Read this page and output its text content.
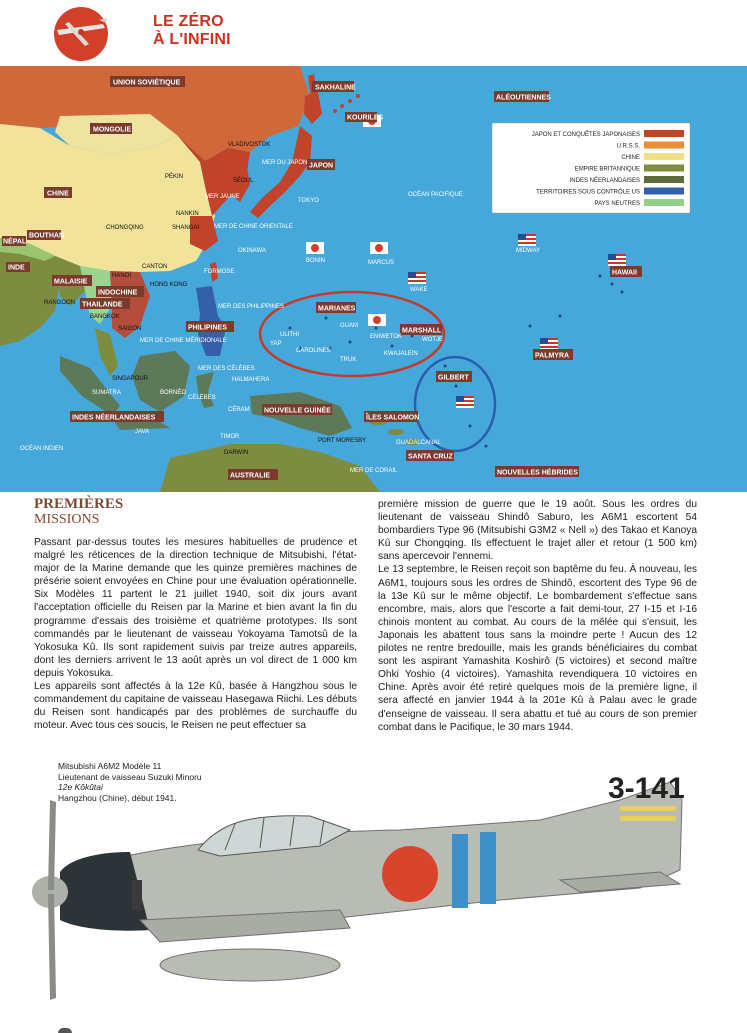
LE ZÉRO
À L'INFINI
UNION SOVIÉTIQUE
SAKHALINE
KOURILES
ALÉOUTIENNES
MONGOLIE
CHINE
JAPON
NÉPAL
BOUTHAN
INDE
MALAISIE
INDOCHINE
THAILANDE
PHILIPINES
MARIANES
MARSHALL
GILBERT
HAWAII
INDES NÉERLANDAISES
NOUVELLE GUINÉE
ÎLES SALOMON
AUSTRALIE
SANTA CRUZ
NOUVELLES HÉBRIDES
PALMYRA
VLADIVOSTOK
PÉKIN
SÉOUL
TOKYO
NANKIN
SHANGAI
CHONGQING
OKINAWA
HANOÏ
CANTON
HONG KONG
FORMOSE
RANGOON
BANGKOK
SAIGON
SINGAPOUR
SUMATRA	BORNÉO
CÉLÈBES
JAVA
HALMAHERA
CÉRAM
TIMOR
DARWIN
PORT MORESBY	GUADALCANAL
BONIN	MARCUS
WAKE
MIDWAY
GUAM
ULITHI
YAP
CAROLINES
TRUK
ENIWETOK	WOTJE
KWAJALEIN
MER DU JAPON
MER JAUNE
MER DE CHINE ORIENTALE
OCÉAN PACIFIQUE
MER DES PHILIPPINES
MER DE CHINE MÉRIDIONALE
MER DES CÉLÈBES
OCÉAN INDIEN
MER DE CORAIL
JAPON ET CONQUÊTES JAPONAISES
U.R.S.S.
CHINE
EMPIRE BRITANNIQUE
INDES NÉERLANDAISES
TERRITOIRES SOUS CONTRÔLE US
PAYS NEUTRES
PREMIÈRES
MISSIONS

Passant par-dessus toutes les mesures habituelles de prudence et malgré les réticences de la direction technique de Mitsubishi, l'état-major de la Marine demande que les quinze premières machines de présérie soient envoyées en Chine pour une évaluation opérationnelle. Six Modèles 11 partent le 21 juillet 1940, soit dix jours avant l'acceptation officielle du Reisen par la Marine et bien avant la fin du programme d'essais des troisième et quatrième prototypes. Ils sont commandés par le lieutenant de vaisseau Yokoyama Tamotsû de la Yokosuka Kû. Ils sont rapidement suivis par treize autres appareils, dont les derniers arrivent le 13 août après un vol direct de 1 000 km depuis Yokosuka.

Les appareils sont affectés à la 12e Kû, basée à Hangzhou sous le commandement du capitaine de vaisseau Hasegawa Riichi. Les débuts du Reisen sont handicapés par des problèmes de surchauffe du moteur. Avec tous ces soucis, le Reisen ne peut effectuer sa

première mission de guerre que le 19 août. Sous les ordres du lieutenant de vaisseau Shindô Saburo, les A6M1 escortent 54 bombardiers Type 96 (Mitsubishi G3M2 « Nell ») des Takao et Kanoya Kû sur Chongqing. Ils effectuent le trajet aller et retour (1 500 km) sans apercevoir l'ennemi.

Le 13 septembre, le Reisen reçoit son baptême du feu. À nouveau, les A6M1, toujours sous les ordres de Shindô, escortent des Type 96 de la 13e Kû sur le même objectif. Le bombardement s'effectue sans encombre, mais, alors que l'escorte a fait demi-tour, 27 I-15 et I-16 chinois montent au combat. Au cours de la mêlée qui s'ensuit, les Japonais les abattent tous sans la moindre perte ! Aucun des 12 pilotes ne rentre bredouille, mais les grands bénéficiaires du combat sont les aspirant Yamashita Koshirô (5 victoires) et second maître Ohki Yoshio (4 victoires). Yamashita revendiquera 10 victoires en Chine. Après avoir été retiré quelques mois de la première ligne, il sera affecté en janvier 1944 à la 201e Kû à Palau avec le grade d'enseigne de vaisseau. Il sera abattu et tué au cours de son premier combat dans le Pacifique, le 30 mars 1944.

3-141
Mitsubishi A6M2 Modèle 11
Lieutenant de vaisseau Suzuki Minoru
12e Kôkûtai
Hangzhou (Chine), début 1941.
